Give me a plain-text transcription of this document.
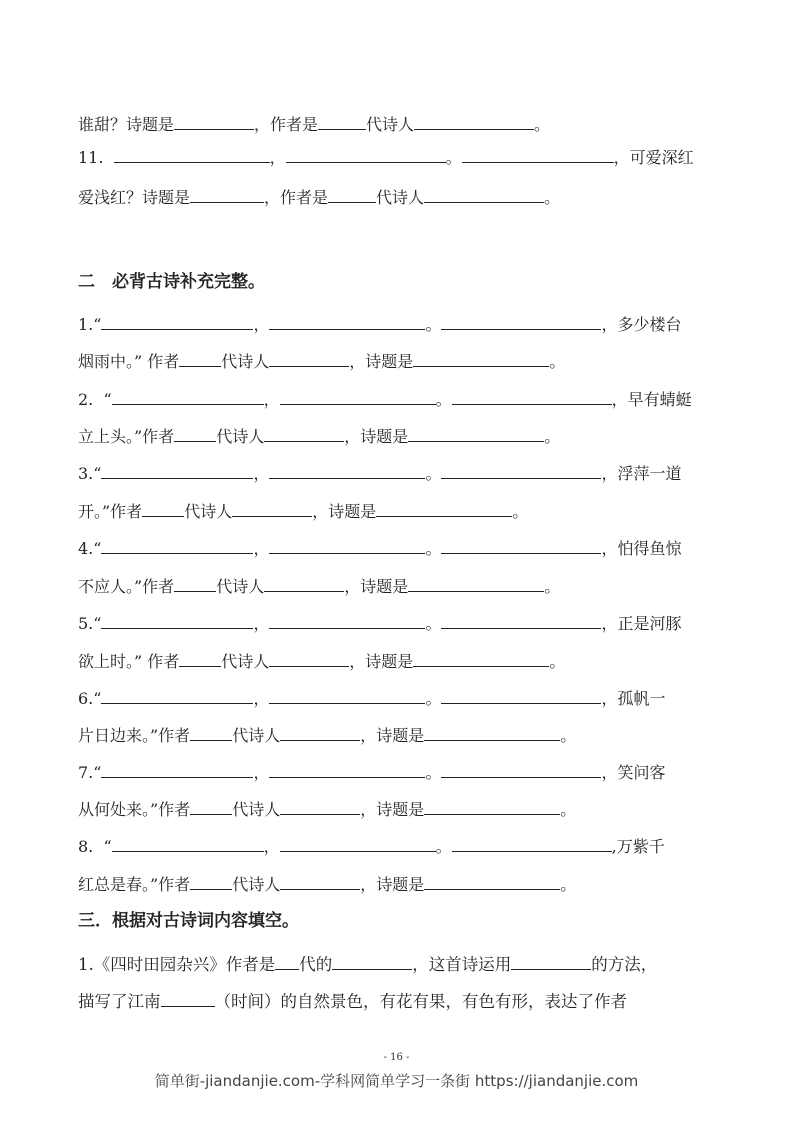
谁甜？诗题是	，作者是	代诗人	。
11.	，	。	，可爱深红
爱浅红？诗题是	，作者是	代诗人	。
二　必背古诗补充完整。
1.“	，	。	，多少楼台
烟雨中。” 作者	代诗人	，诗题是	。
2. “	，	。	，早有蜻蜓
立上头。”作者	代诗人	，诗题是	。
3.“	，	。	，浮萍一道
开。”作者	代诗人	，诗题是	。
4.“	，	。	，怕得鱼惊
不应人。”作者	代诗人	，诗题是	。
5.“	，	。	，正是河豚
欲上时。” 作者	代诗人	，诗题是	。
6.“	，	。	，孤帆一
片日边来。”作者	代诗人	，诗题是	。
7.“	，	。	，笑问客
从何处来。”作者	代诗人	，诗题是	。
8. “	，	。	,万紫千
红总是春。”作者	代诗人	，诗题是	。
三．根据对古诗词内容填空。
1.《四时田园杂兴》作者是 代的	，这首诗运用	的方法，
描写了江南	（时间）的自然景色，有花有果，有色有形，表达了作者
- 16 -
简单街-jiandanjie.com-学科网简单学习一条街 https://jiandanjie.com
